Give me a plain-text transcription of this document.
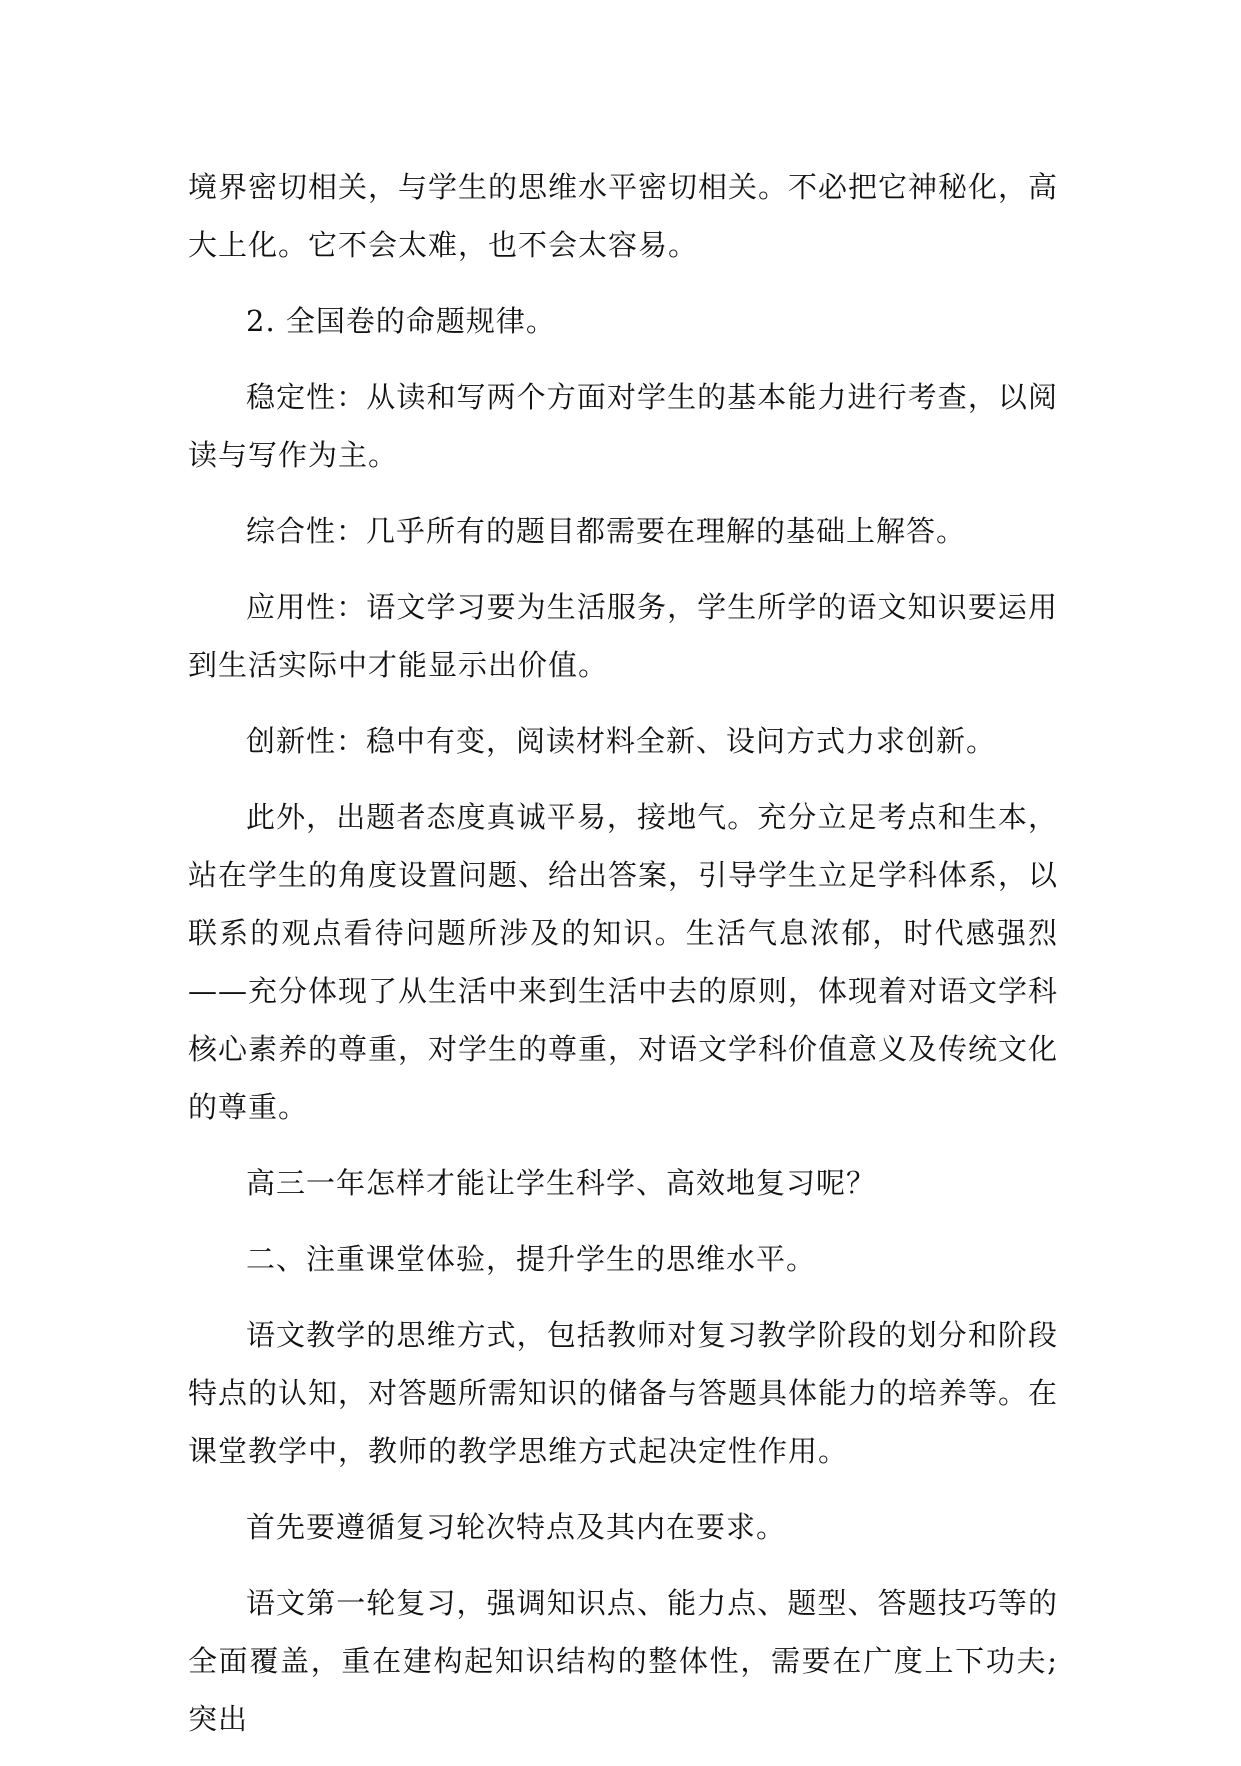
境界密切相关，与学生的思维水平密切相关。不必把它神秘化，高大上化。它不会太难，也不会太容易。

2. 全国卷的命题规律。

稳定性：从读和写两个方面对学生的基本能力进行考查，以阅读与写作为主。

综合性：几乎所有的题目都需要在理解的基础上解答。

应用性：语文学习要为生活服务，学生所学的语文知识要运用到生活实际中才能显示出价值。

创新性：稳中有变，阅读材料全新、设问方式力求创新。

此外，出题者态度真诚平易，接地气。充分立足考点和生本，站在学生的角度设置问题、给出答案，引导学生立足学科体系，以联系的观点看待问题所涉及的知识。生活气息浓郁，时代感强烈——充分体现了从生活中来到生活中去的原则，体现着对语文学科核心素养的尊重，对学生的尊重，对语文学科价值意义及传统文化的尊重。

高三一年怎样才能让学生科学、高效地复习呢？

二、注重课堂体验，提升学生的思维水平。

语文教学的思维方式，包括教师对复习教学阶段的划分和阶段特点的认知，对答题所需知识的储备与答题具体能力的培养等。在课堂教学中，教师的教学思维方式起决定性作用。

首先要遵循复习轮次特点及其内在要求。

语文第一轮复习，强调知识点、能力点、题型、答题技巧等的全面覆盖，重在建构起知识结构的整体性，需要在广度上下功夫;突出
